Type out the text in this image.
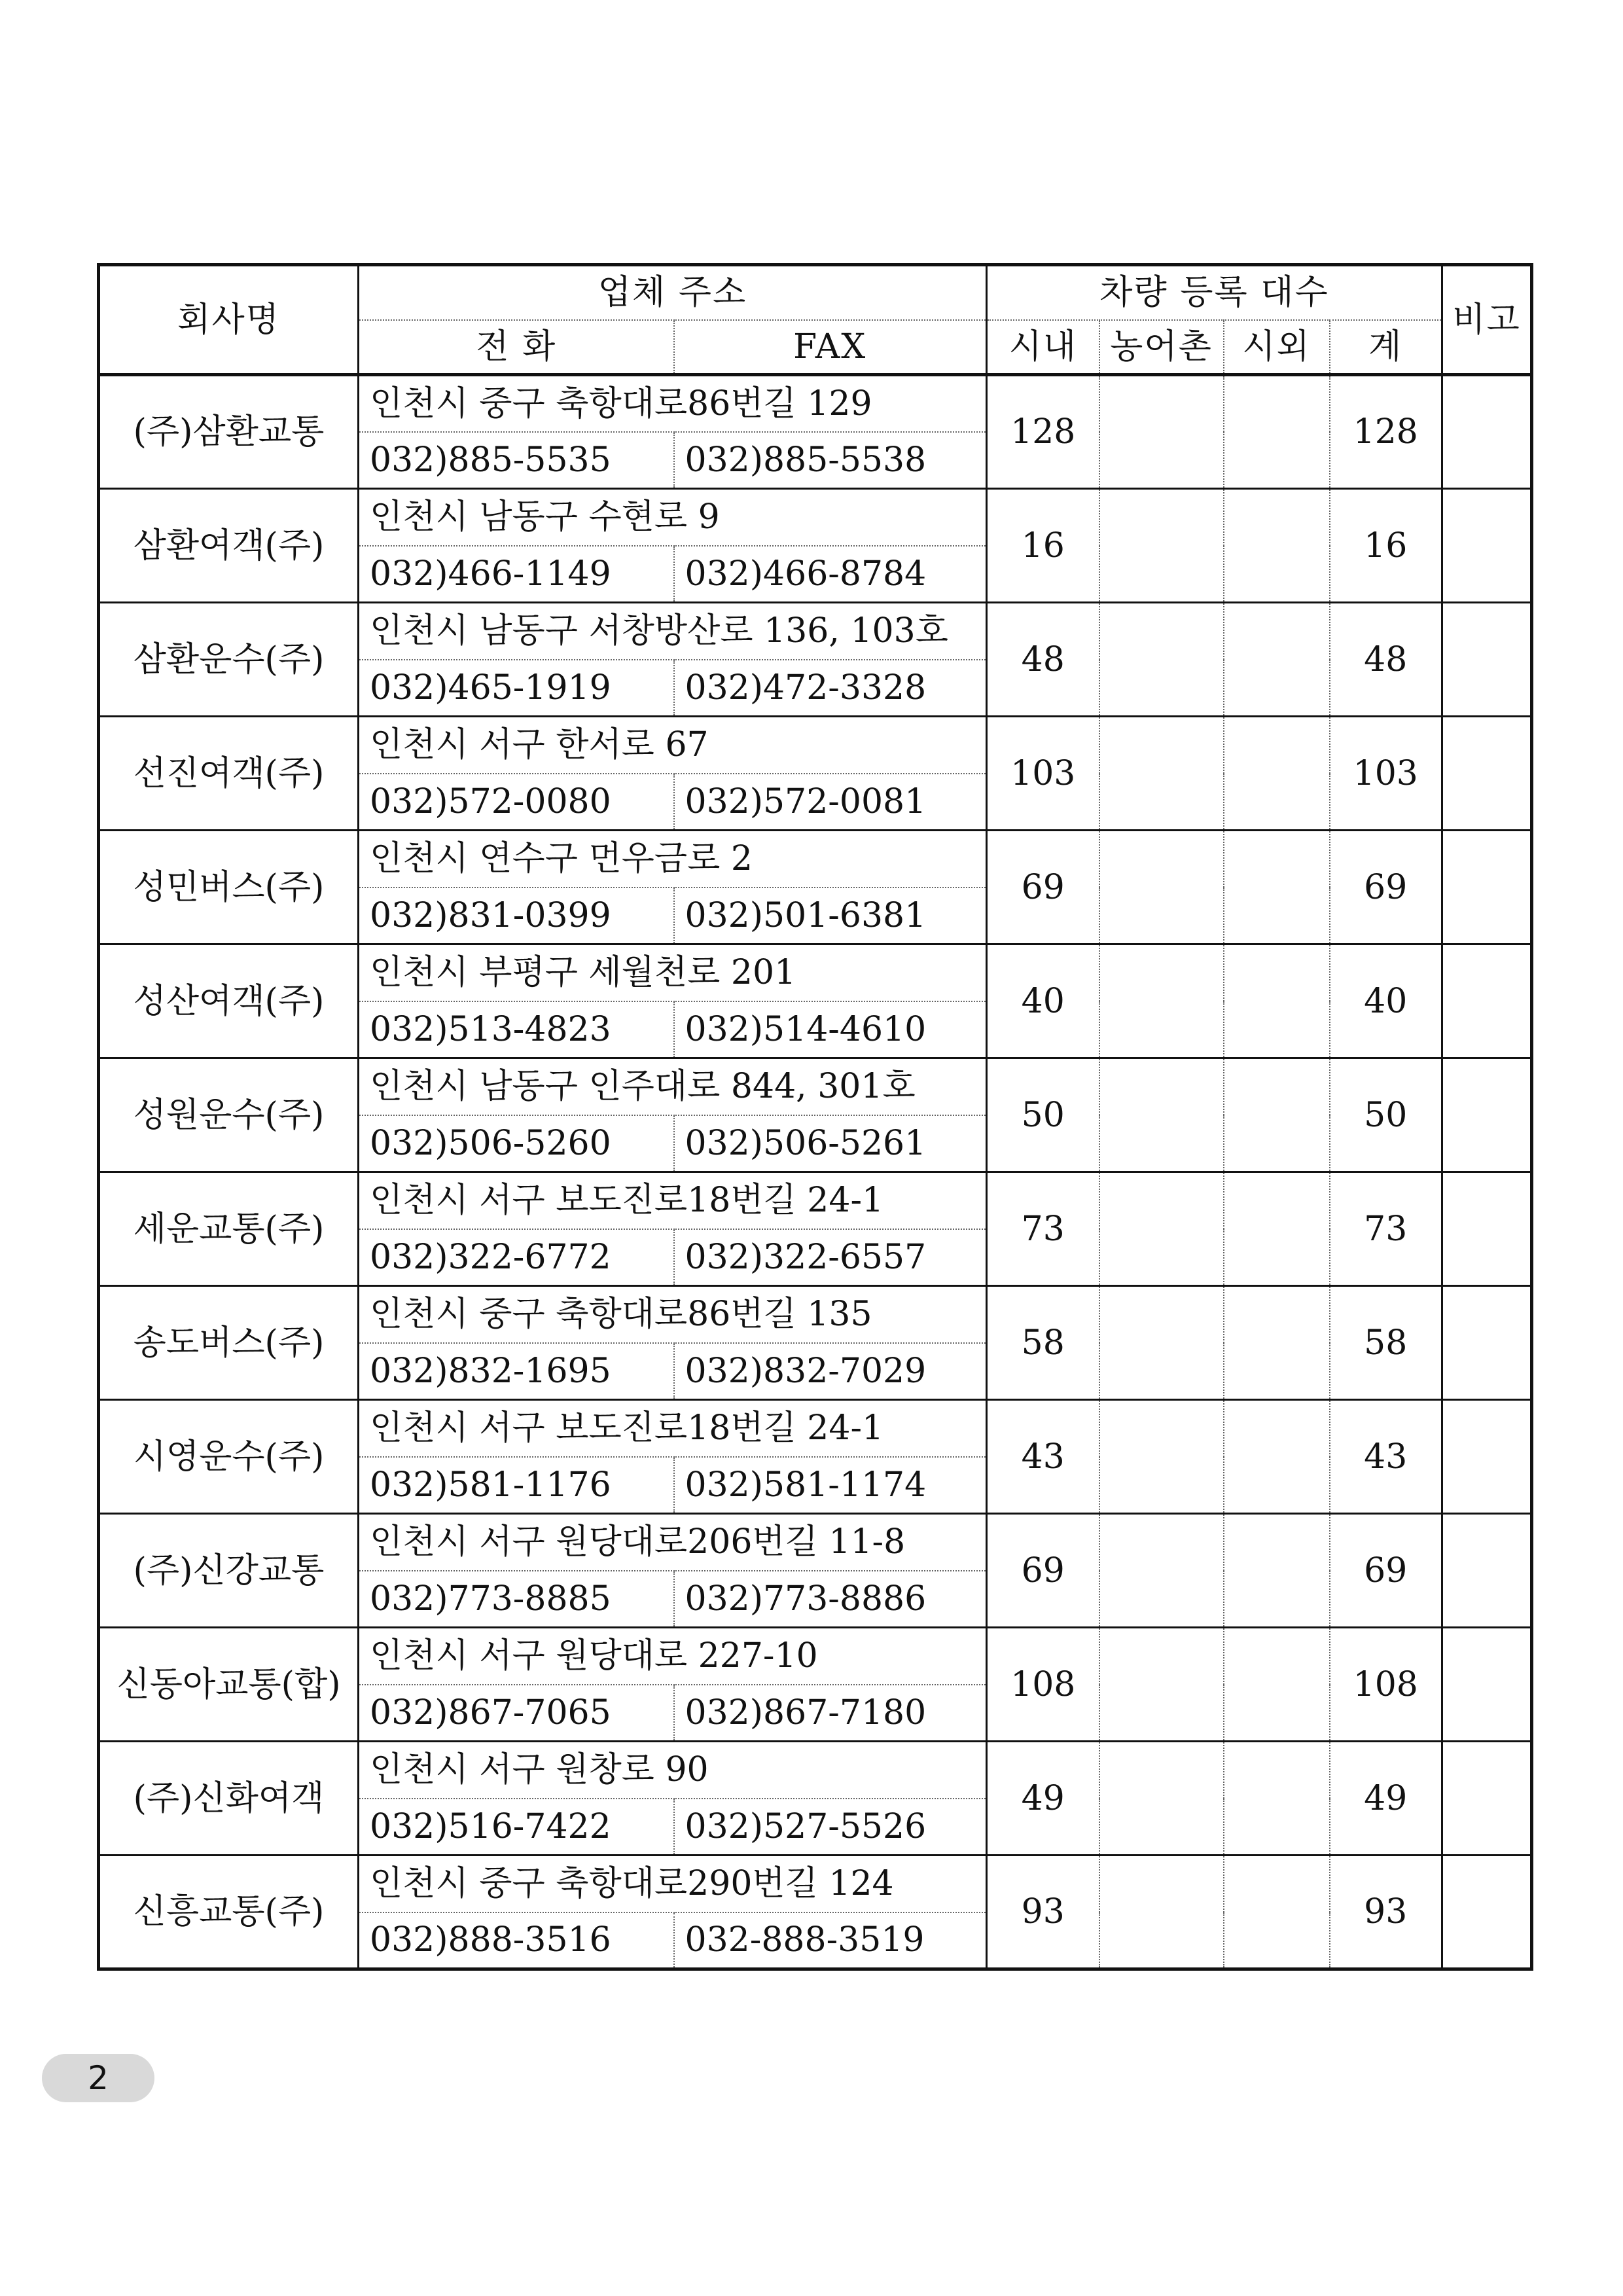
회사명	업체 주소		차량 등록 대수				비고
	전 화	FAX	시내	농어촌	시외	계	
(주)삼환교통	인천시 중구 축항대로86번길 129		128			128	
	032)885-5535	032)885-5538					
삼환여객(주)	인천시 남동구 수현로 9		16			16	
	032)466-1149	032)466-8784					
삼환운수(주)	인천시 남동구 서창방산로 136, 103호		48			48	
	032)465-1919	032)472-3328					
선진여객(주)	인천시 서구 한서로 67		103			103	
	032)572-0080	032)572-0081					
성민버스(주)	인천시 연수구 먼우금로 2		69			69	
	032)831-0399	032)501-6381					
성산여객(주)	인천시 부평구 세월천로 201		40			40	
	032)513-4823	032)514-4610					
성원운수(주)	인천시 남동구 인주대로 844, 301호		50			50	
	032)506-5260	032)506-5261					
세운교통(주)	인천시 서구 보도진로18번길 24-1		73			73	
	032)322-6772	032)322-6557					
송도버스(주)	인천시 중구 축항대로86번길 135		58			58	
	032)832-1695	032)832-7029					
시영운수(주)	인천시 서구 보도진로18번길 24-1		43			43	
	032)581-1176	032)581-1174					
(주)신강교통	인천시 서구 원당대로206번길 11-8		69			69	
	032)773-8885	032)773-8886					
신동아교통(합)	인천시 서구 원당대로 227-10		108			108	
	032)867-7065	032)867-7180					
(주)신화여객	인천시 서구 원창로 90		49			49	
	032)516-7422	032)527-5526					
신흥교통(주)	인천시 중구 축항대로290번길 124		93			93	
	032)888-3516	032-888-3519					
2
